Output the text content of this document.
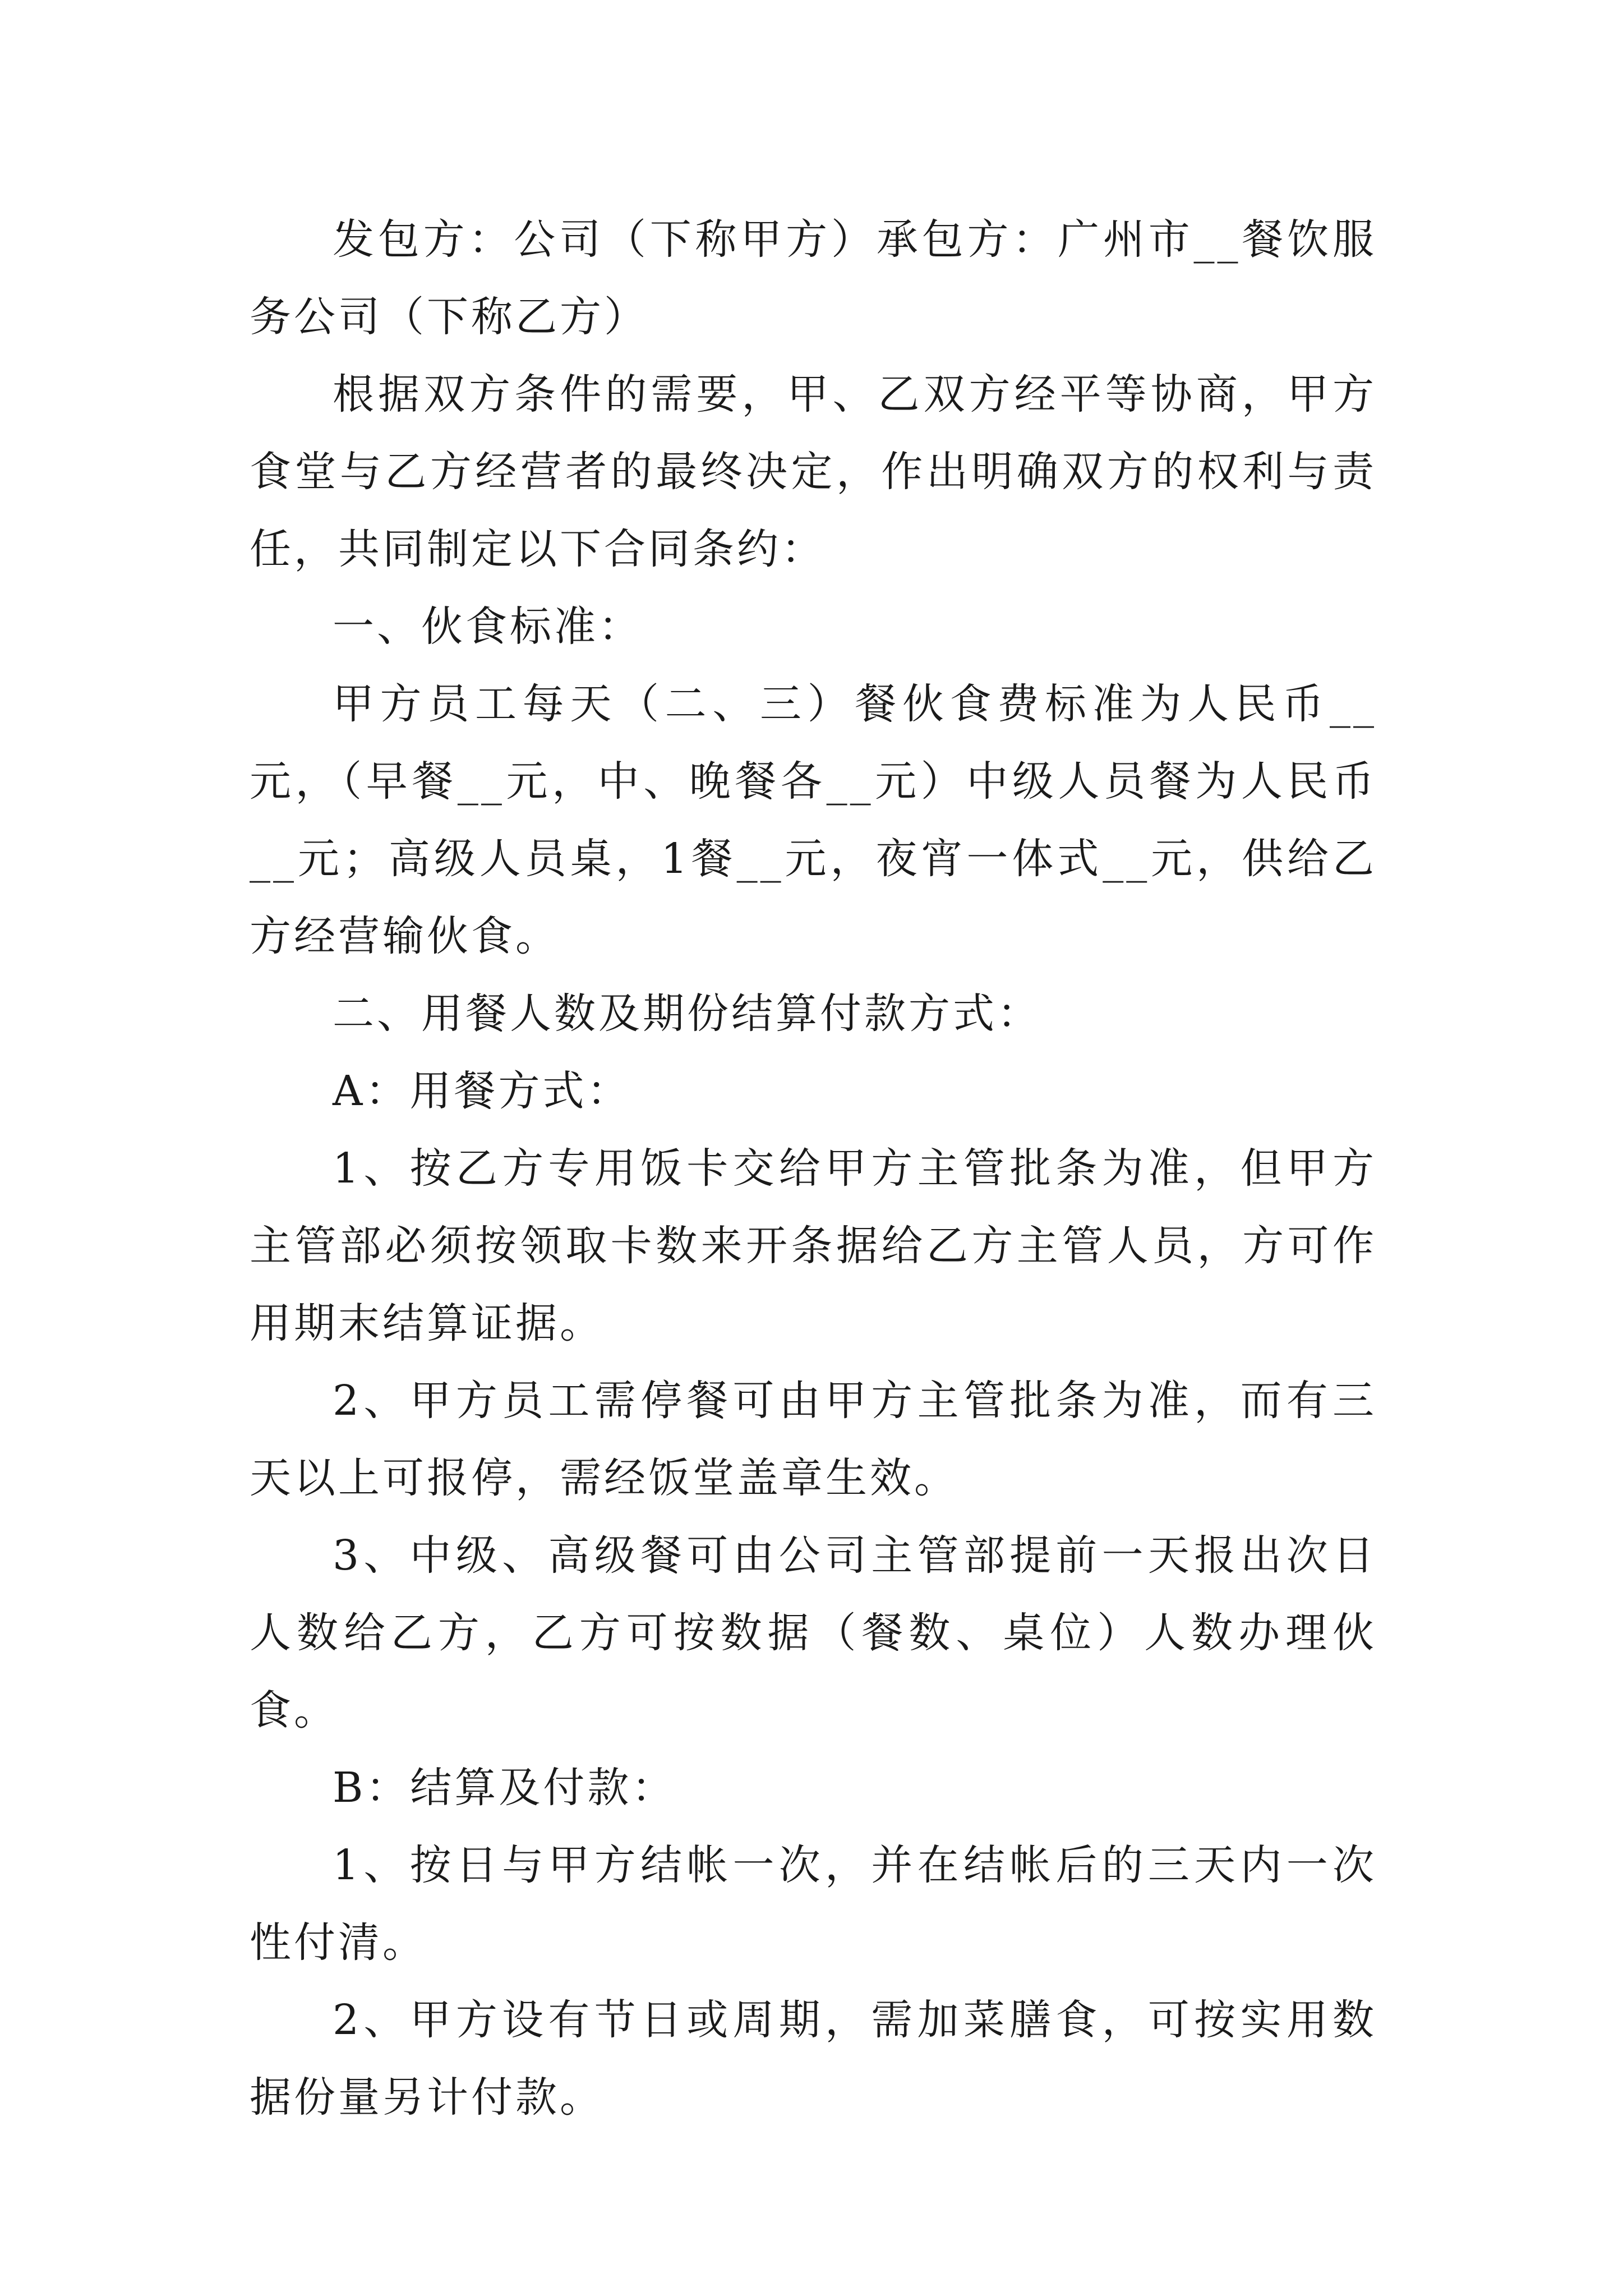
发包方：公司（下称甲方）承包方：广州市__餐饮服务公司（下称乙方）

根据双方条件的需要，甲、乙双方经平等协商，甲方食堂与乙方经营者的最终决定，作出明确双方的权利与责任，共同制定以下合同条约：

一、伙食标准：

甲方员工每天（二、三）餐伙食费标准为人民币__元，（早餐__元，中、晚餐各__元）中级人员餐为人民币__元；高级人员桌，1餐__元，夜宵一体式__元，供给乙方经营输伙食。

二、用餐人数及期份结算付款方式：

A：用餐方式：

1、按乙方专用饭卡交给甲方主管批条为准，但甲方主管部必须按领取卡数来开条据给乙方主管人员，方可作用期末结算证据。

2、甲方员工需停餐可由甲方主管批条为准，而有三天以上可报停，需经饭堂盖章生效。

3、中级、高级餐可由公司主管部提前一天报出次日人数给乙方，乙方可按数据（餐数、桌位）人数办理伙食。

B：结算及付款：

1、按日与甲方结帐一次，并在结帐后的三天内一次性付清。

2、甲方设有节日或周期，需加菜膳食，可按实用数据份量另计付款。
